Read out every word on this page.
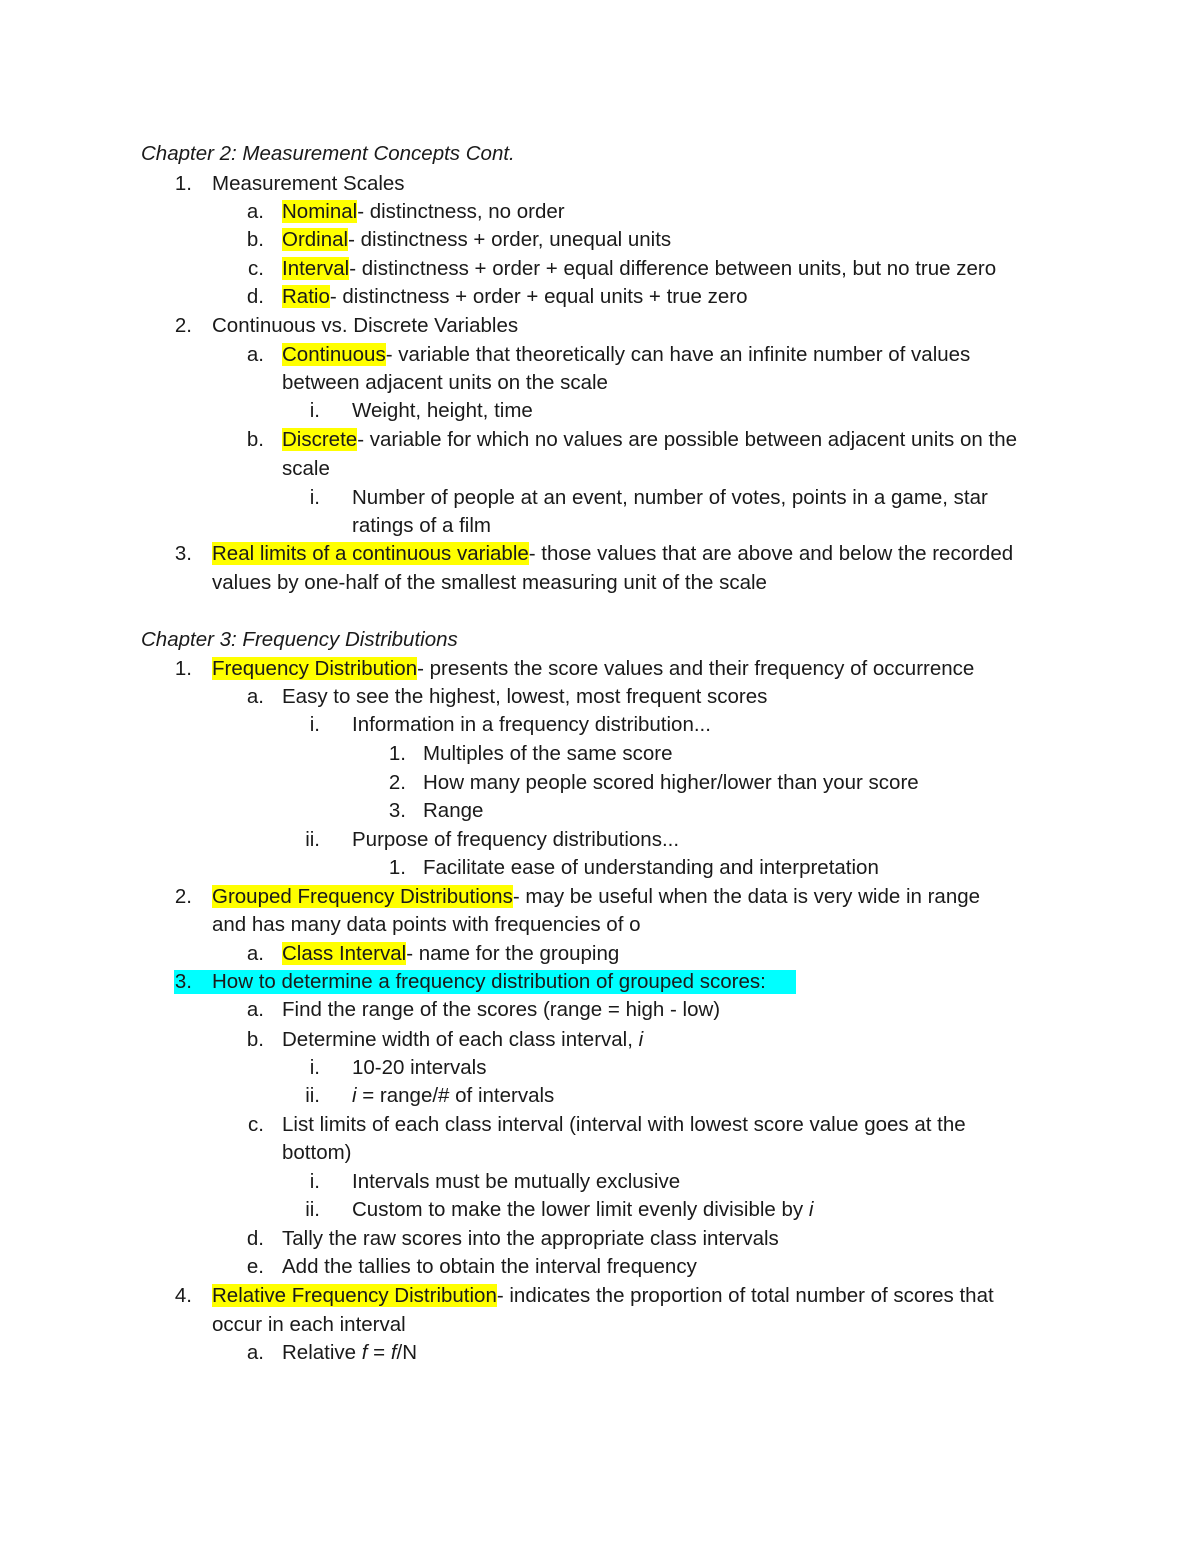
Chapter 2: Measurement Concepts Cont.
1. Measurement Scales
a. Nominal- distinctness, no order
b. Ordinal- distinctness + order, unequal units
c. Interval- distinctness + order + equal difference between units, but no true zero
d. Ratio- distinctness + order + equal units + true zero
2. Continuous vs. Discrete Variables
a. Continuous- variable that theoretically can have an infinite number of values
between adjacent units on the scale
i. Weight, height, time
b. Discrete- variable for which no values are possible between adjacent units on the
scale
i. Number of people at an event, number of votes, points in a game, star
ratings of a film
3. Real limits of a continuous variable- those values that are above and below the recorded
values by one-half of the smallest measuring unit of the scale
Chapter 3: Frequency Distributions
1. Frequency Distribution- presents the score values and their frequency of occurrence
a. Easy to see the highest, lowest, most frequent scores
i. Information in a frequency distribution...
1. Multiples of the same score
2. How many people scored higher/lower than your score
3. Range
ii. Purpose of frequency distributions...
1. Facilitate ease of understanding and interpretation
2. Grouped Frequency Distributions- may be useful when the data is very wide in range
and has many data points with frequencies of o
a. Class Interval- name for the grouping
3. How to determine a frequency distribution of grouped scores:
a. Find the range of the scores (range = high - low)
b. Determine width of each class interval, i
i. 10-20 intervals
ii. i = range/# of intervals
c. List limits of each class interval (interval with lowest score value goes at the
bottom)
i. Intervals must be mutually exclusive
ii. Custom to make the lower limit evenly divisible by i
d. Tally the raw scores into the appropriate class intervals
e. Add the tallies to obtain the interval frequency
4. Relative Frequency Distribution- indicates the proportion of total number of scores that
occur in each interval
a. Relative f = f/N
